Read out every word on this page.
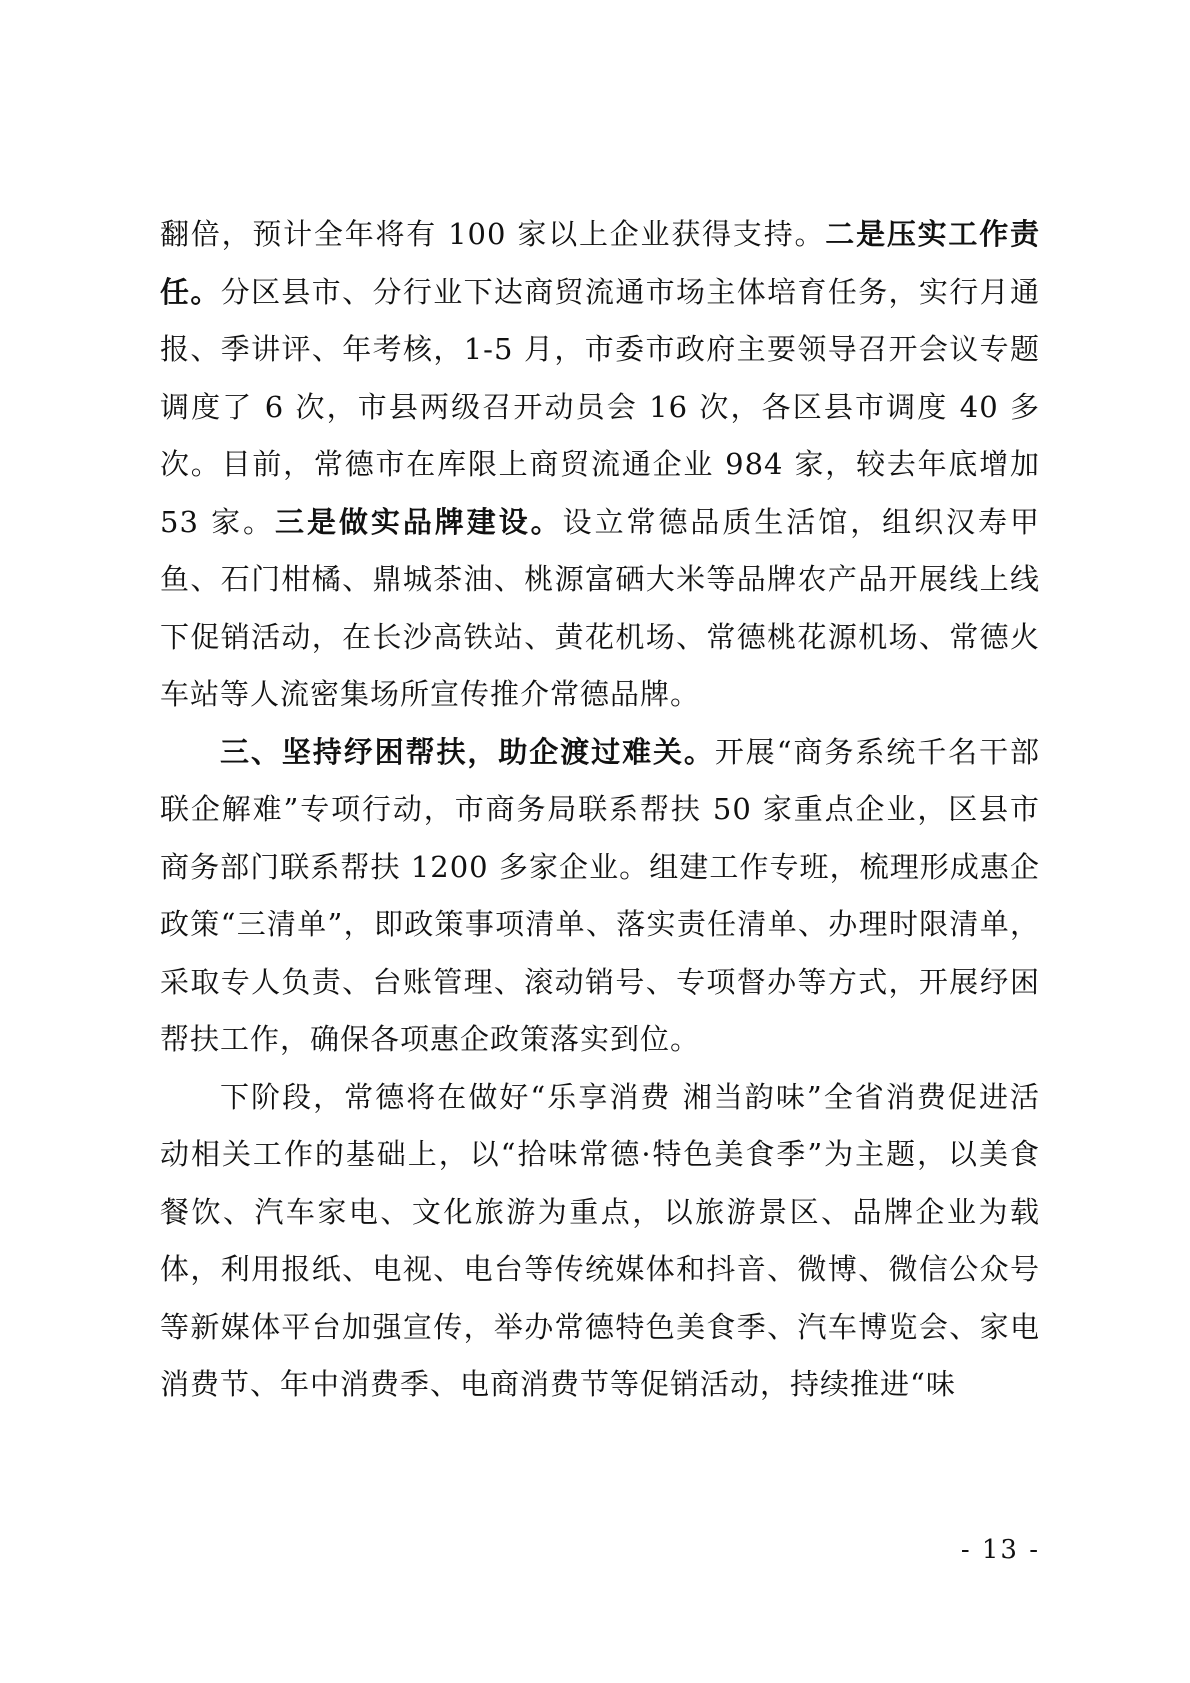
翻倍，预计全年将有 100 家以上企业获得支持。二是压实工作责任。分区县市、分行业下达商贸流通市场主体培育任务，实行月通报、季讲评、年考核，1-5 月，市委市政府主要领导召开会议专题调度了 6 次，市县两级召开动员会 16 次，各区县市调度 40 多次。目前，常德市在库限上商贸流通企业 984 家，较去年底增加 53 家。三是做实品牌建设。设立常德品质生活馆，组织汉寿甲鱼、石门柑橘、鼎城茶油、桃源富硒大米等品牌农产品开展线上线下促销活动，在长沙高铁站、黄花机场、常德桃花源机场、常德火车站等人流密集场所宣传推介常德品牌。

三、坚持纾困帮扶，助企渡过难关。开展“商务系统千名干部联企解难”专项行动，市商务局联系帮扶 50 家重点企业，区县市商务部门联系帮扶 1200 多家企业。组建工作专班，梳理形成惠企政策“三清单”，即政策事项清单、落实责任清单、办理时限清单，采取专人负责、台账管理、滚动销号、专项督办等方式，开展纾困帮扶工作，确保各项惠企政策落实到位。

下阶段，常德将在做好“乐享消费 湘当韵味”全省消费促进活动相关工作的基础上，以“拾味常德·特色美食季”为主题，以美食餐饮、汽车家电、文化旅游为重点，以旅游景区、品牌企业为载体，利用报纸、电视、电台等传统媒体和抖音、微博、微信公众号等新媒体平台加强宣传，举办常德特色美食季、汽车博览会、家电消费节、年中消费季、电商消费节等促销活动，持续推进“味

- 13 -
